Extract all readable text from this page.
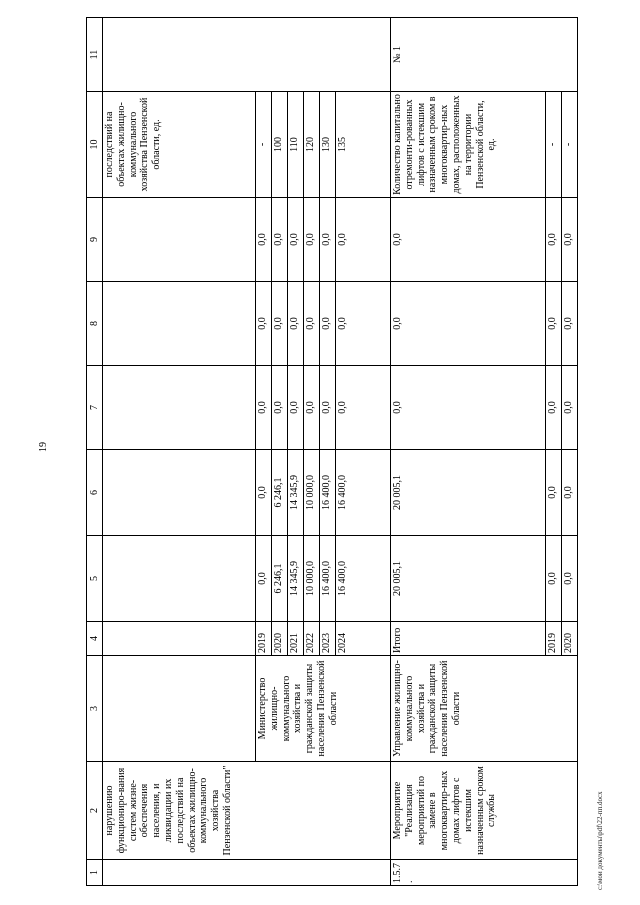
19
1	2	3	4	5	6	7	8	9	10	11
	нарушению функциониро-вания систем жизне-обеспечения населения, и ликвидации их последствий на объектах жилищно-коммунального хозяйства Пензенской области"								последствий на объектах жилищно-коммунального хозяйства Пензенской области, ед.	
		Министерство жилищно-коммунального хозяйства и гражданской защиты населения Пензенской области	2019	0,0	0,0	0,0	0,0	0,0	-	
			2020	6 246,1	6 246,1	0,0	0,0	0,0	100	
			2021	14 345,9	14 345,9	0,0	0,0	0,0	110	
			2022	10 000,0	10 000,0	0,0	0,0	0,0	120	
			2023	16 400,0	16 400,0	0,0	0,0	0,0	130	
			2024	16 400,0	16 400,0	0,0	0,0	0,0	135	
1.5.7.	Мероприятие "Реализация мероприятий по замене в многоквартир-ных домах лифтов с истекшим назначенным сроком службы	Управление жилищно-коммунального хозяйства и гражданской защиты населения Пензенской области	Итого	20 005,1	20 005,1	0,0	0,0	0,0	Количество капитально отремонти-рованных лифтов с истекшим назначенным сроком в многоквартир-ных домах, расположенных на территории Пензенской области, ед.	№ 1
			2019	0,0	0,0	0,0	0,0	0,0	-	
			2020	0,0	0,0	0,0	0,0	0,0	-	
c:\мои документы\pdf\22-пп.docx
